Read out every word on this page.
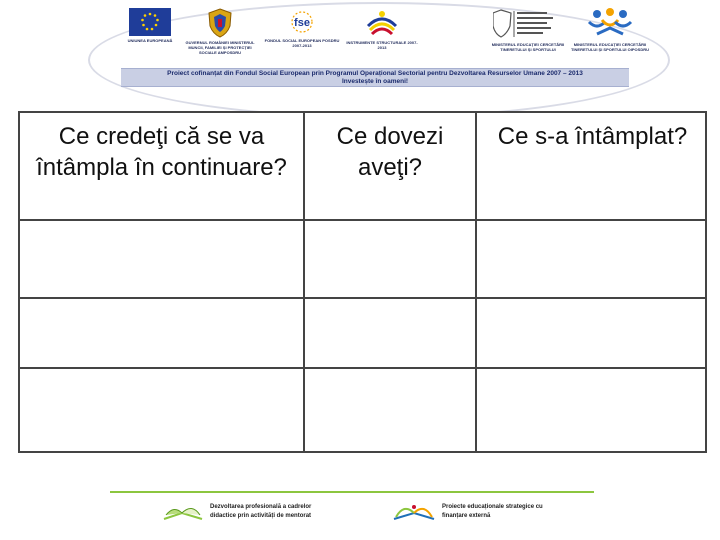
UNIUNEA EUROPEANĂ	GUVERNUL ROMÂNIEI MINISTERUL MUNCII, FAMILIEI ȘI PROTECȚIEI SOCIALE AMPOSDRU
fse
FONDUL SOCIAL EUROPEAN POSDRU 2007-2013
INSTRUMENTE STRUCTURALE 2007-2013
MINISTERUL EDUCAȚIEI CERCETĂRII TINERETULUI ȘI SPORTULUI
MINISTERUL EDUCAȚIEI CERCETĂRII TINERETULUI ȘI SPORTULUI OIPOSDRU
Proiect cofinanțat din Fondul Social European prin Programul Operațional Sectorial pentru Dezvoltarea Resurselor Umane 2007 – 2013
Investește în oameni!
Ce credeţi că se va întâmpla în continuare?
Ce dovezi aveţi?
Ce s-a întâmplat?
Dezvoltarea profesională a cadrelor didactice prin activități de mentorat
Proiecte educaționale strategice cu finanțare externă
